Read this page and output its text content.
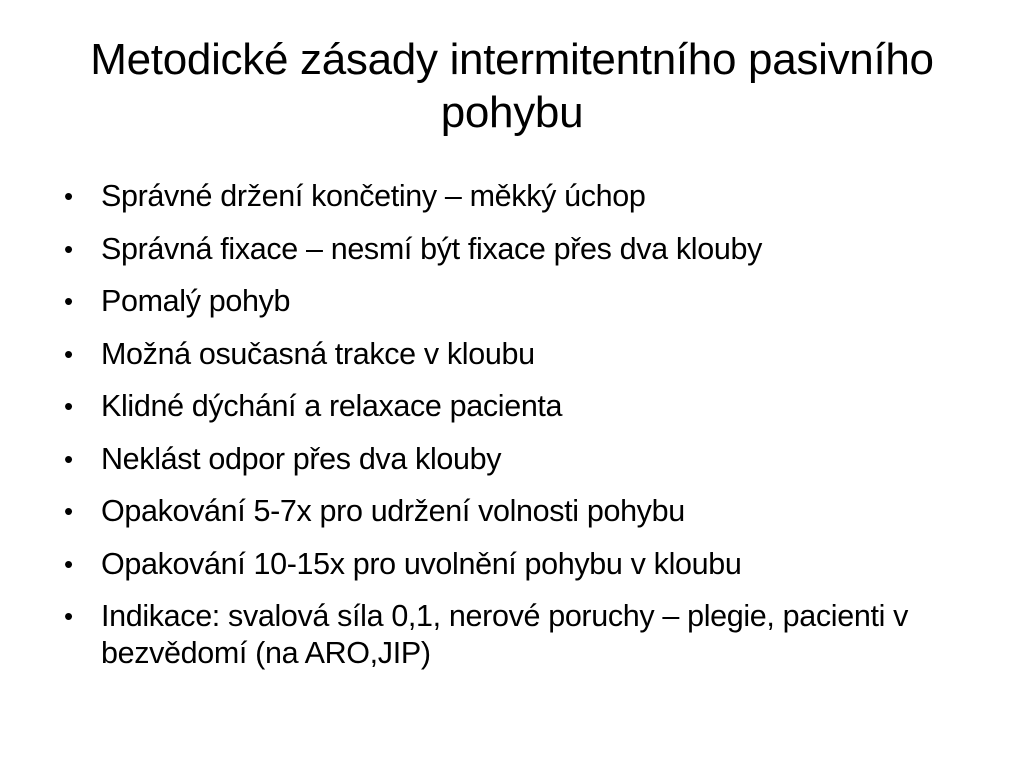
Metodické zásady intermitentního pasivního pohybu
• Správné držení končetiny – měkký úchop
• Správná fixace – nesmí být fixace přes dva klouby
• Pomalý pohyb
• Možná osučasná trakce v kloubu
• Klidné dýchání a relaxace pacienta
• Neklást odpor přes dva klouby
• Opakování 5-7x pro udržení volnosti pohybu
• Opakování 10-15x pro uvolnění pohybu v kloubu
• Indikace: svalová síla 0,1, nerové poruchy – plegie, pacienti v bezvědomí (na ARO,JIP)
